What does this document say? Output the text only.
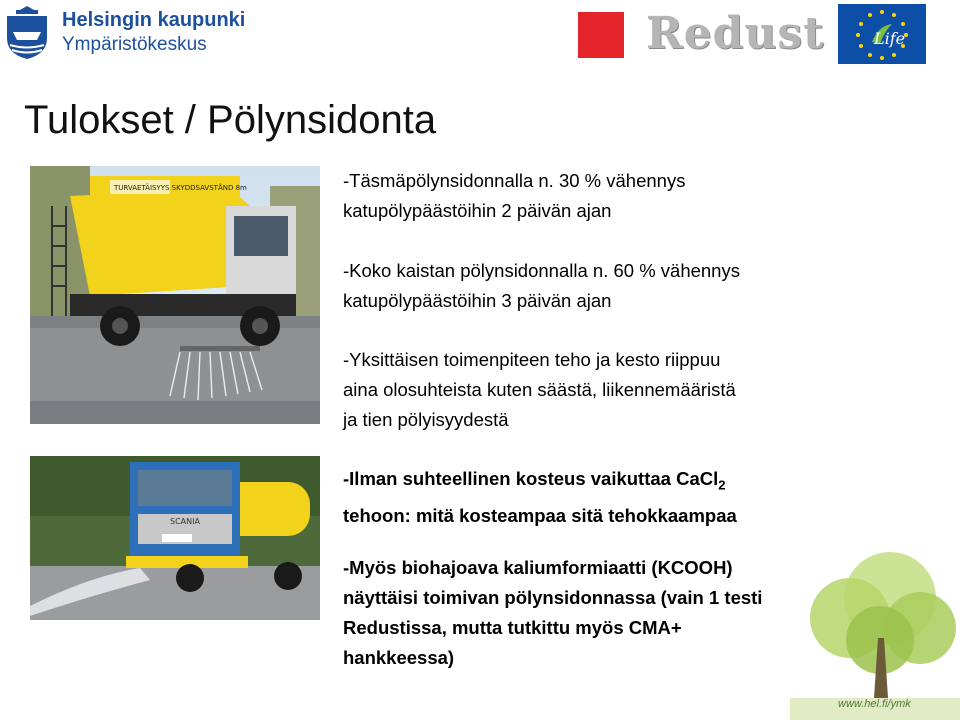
Helsingin kaupunki
Ympäristökeskus	Redust	Life
Tulokset / Pölynsidonta
TURVAETÄISYYS SKYDDSAVSTÅND 8m
SCANIA
www.hel.fi/ymk
-Täsmäpölynsidonnalla n. 30 % vähennys
katupölypäästöihin 2 päivän ajan
-Koko kaistan pölynsidonnalla n. 60 % vähennys
katupölypäästöihin 3 päivän ajan
-Yksittäisen toimenpiteen teho ja kesto riippuu
aina olosuhteista kuten säästä, liikennemääristä
ja tien pölyisyydestä
-Ilman suhteellinen kosteus vaikuttaa CaCl$_2$
tehoon: mitä kosteampaa sitä tehokkaampaa
-Myös biohajoava kaliumformiaatti (KCOOH)
näyttäisi toimivan pölynsidonnassa (vain 1 testi
Redustissa, mutta tutkittu myös CMA+
hankkeessa)
